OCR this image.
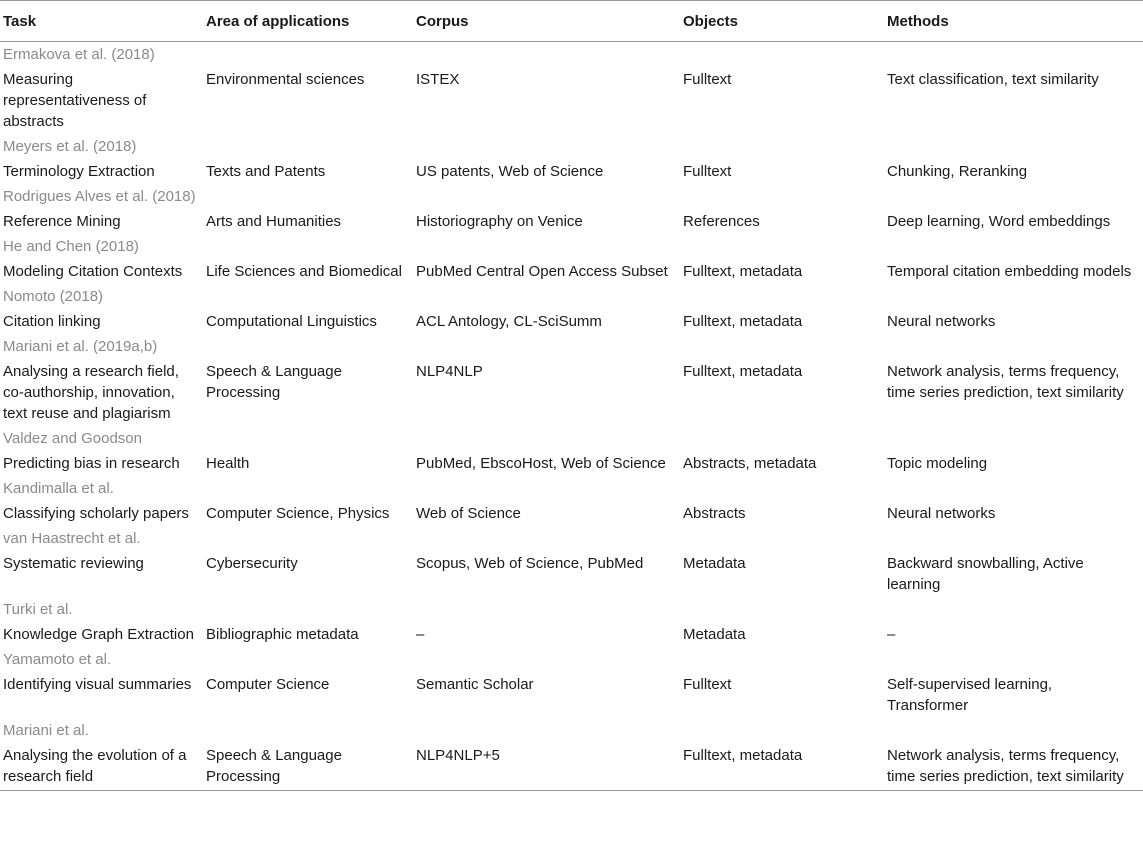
Task	Area of applications	Corpus	Objects	Methods
Ermakova et al. (2018)				
Measuring representativeness of abstracts	Environmental sciences	ISTEX	Fulltext	Text classification, text similarity
Meyers et al. (2018)				
Terminology Extraction	Texts and Patents	US patents, Web of Science	Fulltext	Chunking, Reranking
Rodrigues Alves et al. (2018)				
Reference Mining	Arts and Humanities	Historiography on Venice	References	Deep learning, Word embeddings
He and Chen (2018)				
Modeling Citation Contexts	Life Sciences and Biomedical	PubMed Central Open Access Subset	Fulltext, metadata	Temporal citation embedding models
Nomoto (2018)				
Citation linking	Computational Linguistics	ACL Antology, CL-SciSumm	Fulltext, metadata	Neural networks
Mariani et al. (2019a,b)				
Analysing a research field, co-authorship, innovation, text reuse and plagiarism	Speech & Language Processing	NLP4NLP	Fulltext, metadata	Network analysis, terms frequency, time series prediction, text similarity
Valdez and Goodson				
Predicting bias in research	Health	PubMed, EbscoHost, Web of Science	Abstracts, metadata	Topic modeling
Kandimalla et al.				
Classifying scholarly papers	Computer Science, Physics	Web of Science	Abstracts	Neural networks
van Haastrecht et al.				
Systematic reviewing	Cybersecurity	Scopus, Web of Science, PubMed	Metadata	Backward snowballing, Active learning
Turki et al.				
Knowledge Graph Extraction	Bibliographic metadata	–	Metadata	–
Yamamoto et al.				
Identifying visual summaries	Computer Science	Semantic Scholar	Fulltext	Self-supervised learning, Transformer
Mariani et al.				
Analysing the evolution of a research field	Speech & Language Processing	NLP4NLP+5	Fulltext, metadata	Network analysis, terms frequency, time series prediction, text similarity
